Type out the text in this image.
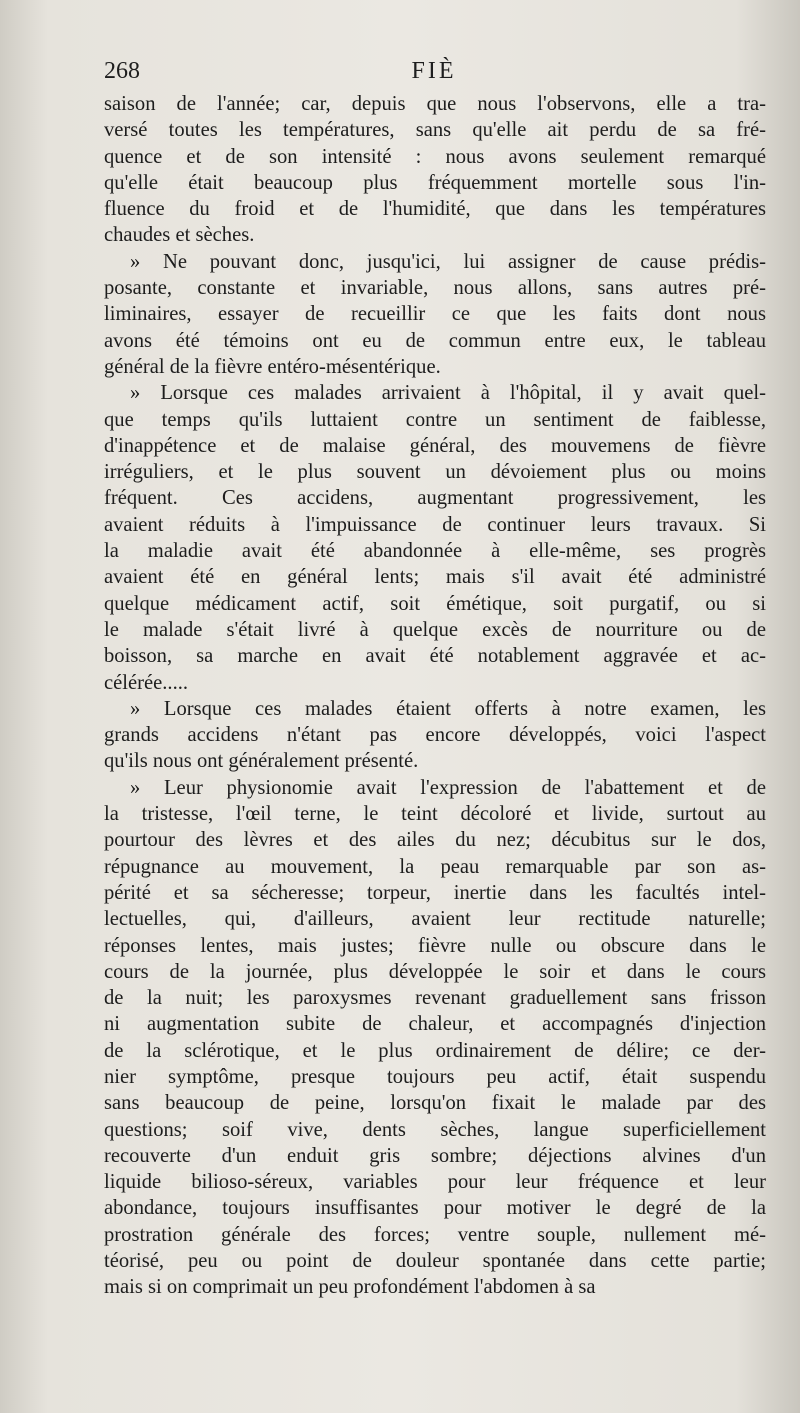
268	FIÈ
saison de l'année; car, depuis que nous l'observons, elle a tra-
versé toutes les températures, sans qu'elle ait perdu de sa fré-
quence et de son intensité : nous avons seulement remarqué
qu'elle était beaucoup plus fréquemment mortelle sous l'in-
fluence du froid et de l'humidité, que dans les températures
chaudes et sèches.
» Ne pouvant donc, jusqu'ici, lui assigner de cause prédis-
posante, constante et invariable, nous allons, sans autres pré-
liminaires, essayer de recueillir ce que les faits dont nous
avons été témoins ont eu de commun entre eux, le tableau
général de la fièvre entéro-mésentérique.
» Lorsque ces malades arrivaient à l'hôpital, il y avait quel-
que temps qu'ils luttaient contre un sentiment de faiblesse,
d'inappétence et de malaise général, des mouvemens de fièvre
irréguliers, et le plus souvent un dévoiement plus ou moins
fréquent. Ces accidens, augmentant progressivement, les
avaient réduits à l'impuissance de continuer leurs travaux. Si
la maladie avait été abandonnée à elle-même, ses progrès
avaient été en général lents; mais s'il avait été administré
quelque médicament actif, soit émétique, soit purgatif, ou si
le malade s'était livré à quelque excès de nourriture ou de
boisson, sa marche en avait été notablement aggravée et ac-
célérée.....
» Lorsque ces malades étaient offerts à notre examen, les
grands accidens n'étant pas encore développés, voici l'aspect
qu'ils nous ont généralement présenté.
» Leur physionomie avait l'expression de l'abattement et de
la tristesse, l'œil terne, le teint décoloré et livide, surtout au
pourtour des lèvres et des ailes du nez; décubitus sur le dos,
répugnance au mouvement, la peau remarquable par son as-
périté et sa sécheresse; torpeur, inertie dans les facultés intel-
lectuelles, qui, d'ailleurs, avaient leur rectitude naturelle;
réponses lentes, mais justes; fièvre nulle ou obscure dans le
cours de la journée, plus développée le soir et dans le cours
de la nuit; les paroxysmes revenant graduellement sans frisson
ni augmentation subite de chaleur, et accompagnés d'injection
de la sclérotique, et le plus ordinairement de délire; ce der-
nier symptôme, presque toujours peu actif, était suspendu
sans beaucoup de peine, lorsqu'on fixait le malade par des
questions; soif vive, dents sèches, langue superficiellement
recouverte d'un enduit gris sombre; déjections alvines d'un
liquide bilioso-séreux, variables pour leur fréquence et leur
abondance, toujours insuffisantes pour motiver le degré de la
prostration générale des forces; ventre souple, nullement mé-
téorisé, peu ou point de douleur spontanée dans cette partie;
mais si on comprimait un peu profondément l'abdomen à sa
